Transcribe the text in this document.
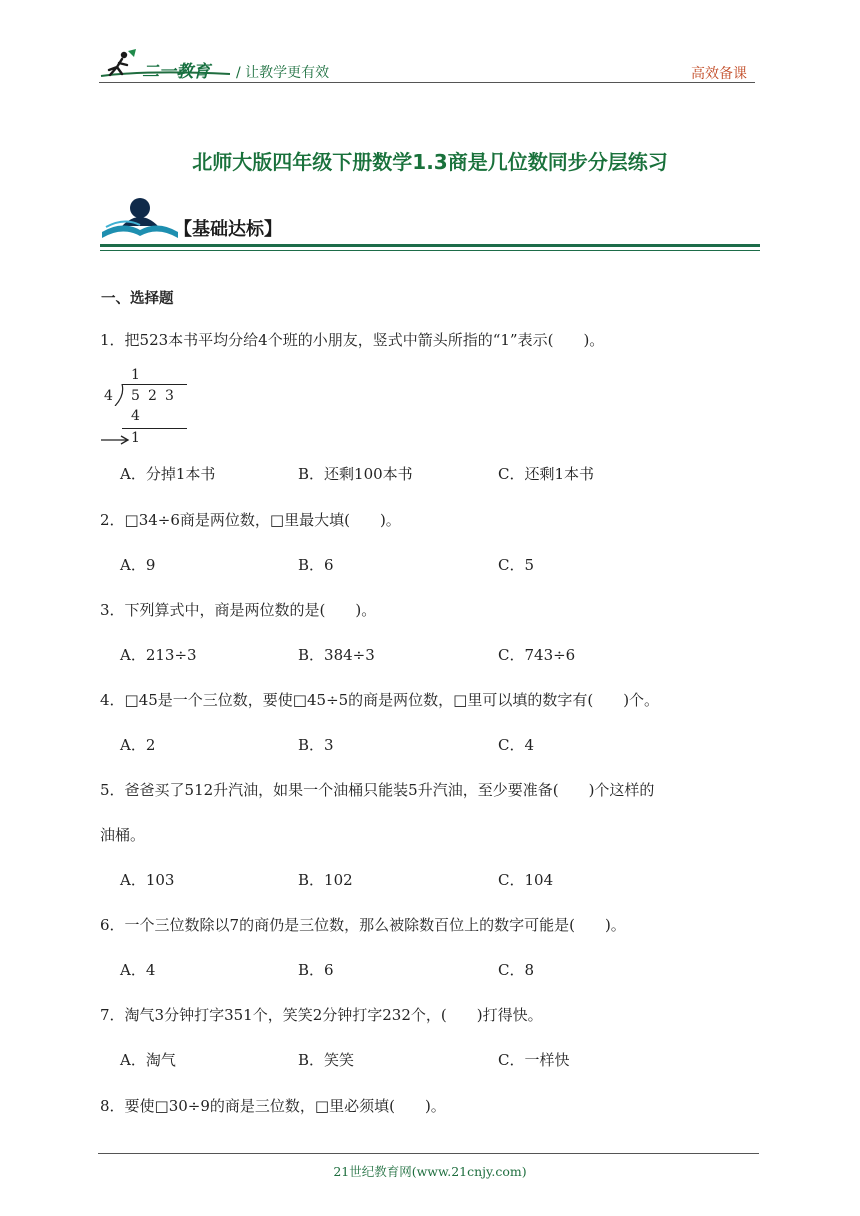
二一教育 / 让教学更有效	高效备课
北师大版四年级下册数学1.3商是几位数同步分层练习
【基础达标】
一、选择题
1．把523本书平均分给4个班的小朋友，竖式中箭头所指的“1”表示(　　)。
1
4 5 2 3
4
1
A．分掉1本书	B．还剩100本书	C．还剩1本书
2．□34÷6商是两位数，□里最大填(　　)。
A．9	B．6	C．5
3．下列算式中，商是两位数的是(　　)。
A．213÷3	B．384÷3	C．743÷6
4．□45是一个三位数，要使□45÷5的商是两位数，□里可以填的数字有(　　)个。
A．2	B．3	C．4
5．爸爸买了512升汽油，如果一个油桶只能装5升汽油，至少要准备(　　)个这样的
油桶。
A．103	B．102	C．104
6．一个三位数除以7的商仍是三位数，那么被除数百位上的数字可能是(　　)。
A．4	B．6	C．8
7．淘气3分钟打字351个，笑笑2分钟打字232个，(　　)打得快。
A．淘气	B．笑笑	C．一样快
8．要使□30÷9的商是三位数，□里必须填(　　)。
21世纪教育网(www.21cnjy.com)
